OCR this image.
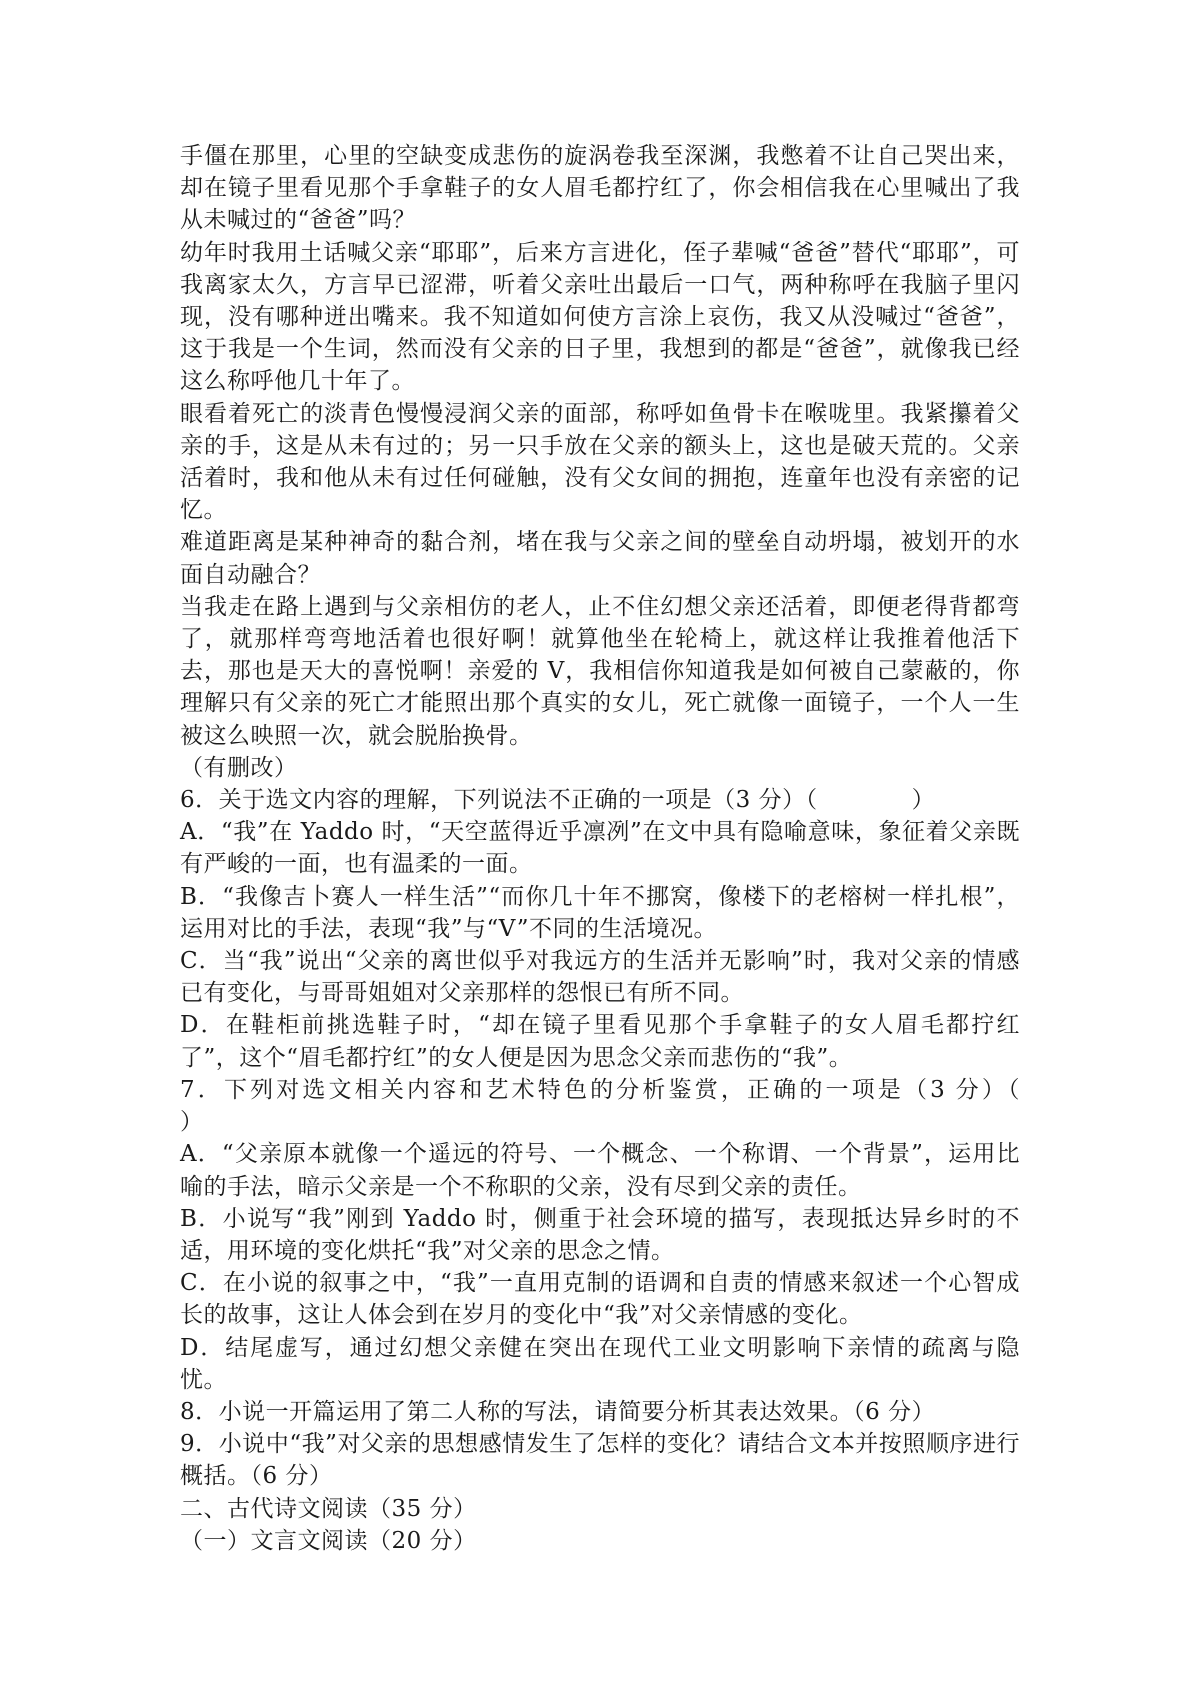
手僵在那里，心里的空缺变成悲伤的旋涡卷我至深渊，我憋着不让自己哭出来，却在镜子里看见那个手拿鞋子的女人眉毛都拧红了，你会相信我在心里喊出了我从未喊过的“爸爸”吗？

幼年时我用土话喊父亲“耶耶”，后来方言进化，侄子辈喊“爸爸”替代“耶耶”，可我离家太久，方言早已涩滞，听着父亲吐出最后一口气，两种称呼在我脑子里闪现，没有哪种迸出嘴来。我不知道如何使方言涂上哀伤，我又从没喊过“爸爸”，这于我是一个生词，然而没有父亲的日子里，我想到的都是“爸爸”，就像我已经这么称呼他几十年了。

眼看着死亡的淡青色慢慢浸润父亲的面部，称呼如鱼骨卡在喉咙里。我紧攥着父亲的手，这是从未有过的；另一只手放在父亲的额头上，这也是破天荒的。父亲活着时，我和他从未有过任何碰触，没有父女间的拥抱，连童年也没有亲密的记忆。

难道距离是某种神奇的黏合剂，堵在我与父亲之间的壁垒自动坍塌，被划开的水面自动融合？

当我走在路上遇到与父亲相仿的老人，止不住幻想父亲还活着，即便老得背都弯了，就那样弯弯地活着也很好啊！就算他坐在轮椅上，就这样让我推着他活下去，那也是天大的喜悦啊！亲爱的 V，我相信你知道我是如何被自己蒙蔽的，你理解只有父亲的死亡才能照出那个真实的女儿，死亡就像一面镜子，一个人一生被这么映照一次，就会脱胎换骨。

（有删改）

6．关于选文内容的理解，下列说法不正确的一项是（3 分）（　　　　）

A．“我”在 Yaddo 时，“天空蓝得近乎凛冽”在文中具有隐喻意味，象征着父亲既有严峻的一面，也有温柔的一面。

B．“我像吉卜赛人一样生活”“而你几十年不挪窝，像楼下的老榕树一样扎根”，运用对比的手法，表现“我”与“V”不同的生活境况。

C．当“我”说出“父亲的离世似乎对我远方的生活并无影响”时，我对父亲的情感已有变化，与哥哥姐姐对父亲那样的怨恨已有所不同。

D．在鞋柜前挑选鞋子时，“却在镜子里看见那个手拿鞋子的女人眉毛都拧红了”，这个“眉毛都拧红”的女人便是因为思念父亲而悲伤的“我”。

7．下列对选文相关内容和艺术特色的分析鉴赏，正确的一项是（3 分）（　　　　）

A．“父亲原本就像一个遥远的符号、一个概念、一个称谓、一个背景”，运用比喻的手法，暗示父亲是一个不称职的父亲，没有尽到父亲的责任。

B．小说写“我”刚到 Yaddo 时，侧重于社会环境的描写，表现抵达异乡时的不适，用环境的变化烘托“我”对父亲的思念之情。

C．在小说的叙事之中，“我”一直用克制的语调和自责的情感来叙述一个心智成长的故事，这让人体会到在岁月的变化中“我”对父亲情感的变化。

D．结尾虚写，通过幻想父亲健在突出在现代工业文明影响下亲情的疏离与隐忧。

8．小说一开篇运用了第二人称的写法，请简要分析其表达效果。（6 分）

9．小说中“我”对父亲的思想感情发生了怎样的变化？请结合文本并按照顺序进行概括。（6 分）

二、古代诗文阅读（35 分）

（一）文言文阅读（20 分）
